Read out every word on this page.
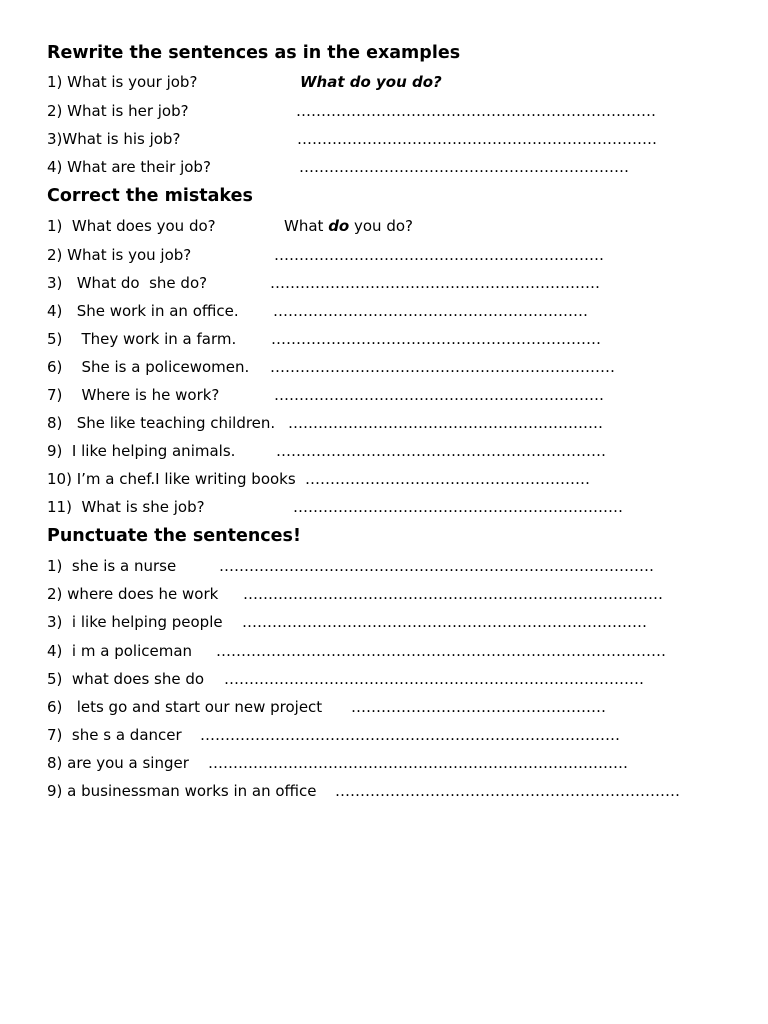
Rewrite the sentences as in the examples

1) What is your job?

	What do you do?

2) What is her job?

	………………………………………………………………

3)What is his job?

	………………………………………………………………

4) What are their job?

	…………………………………………………………

Correct the mistakes

1)  What does you do?

	What do you do?

2) What is you job?

	…………………………………………………………

3)   What do  she do?

	…………………………………………………………

4)   She work in an office.

………………………………………………………

5)    They work in a farm.

…………………………………………………………

6)    She is a policewomen.

……………………………………………………………

7)    Where is he work?

	…………………………………………………………

8)   She like teaching children.

………………………………………………………

9)  I like helping animals.

	…………………………………………………………

10) I’m a chef.I like writing books

…………………………………………………

11)  What is she job?

	…………………………………………………………

Punctuate the sentences!

1)  she is a nurse

	……………………………………………………………………………

2) where does he work

…………………………………………………………………………

3)  i like helping people

………………………………………………………………………

4)  i m a policeman

………………………………………………………………………………

5)  what does she do

…………………………………………………………………………

6)   lets go and start our new project

……………………………………………

7)  she s a dancer

…………………………………………………………………………

8) are you a singer

…………………………………………………………………………

9) a businessman works in an office

……………………………………………………………
